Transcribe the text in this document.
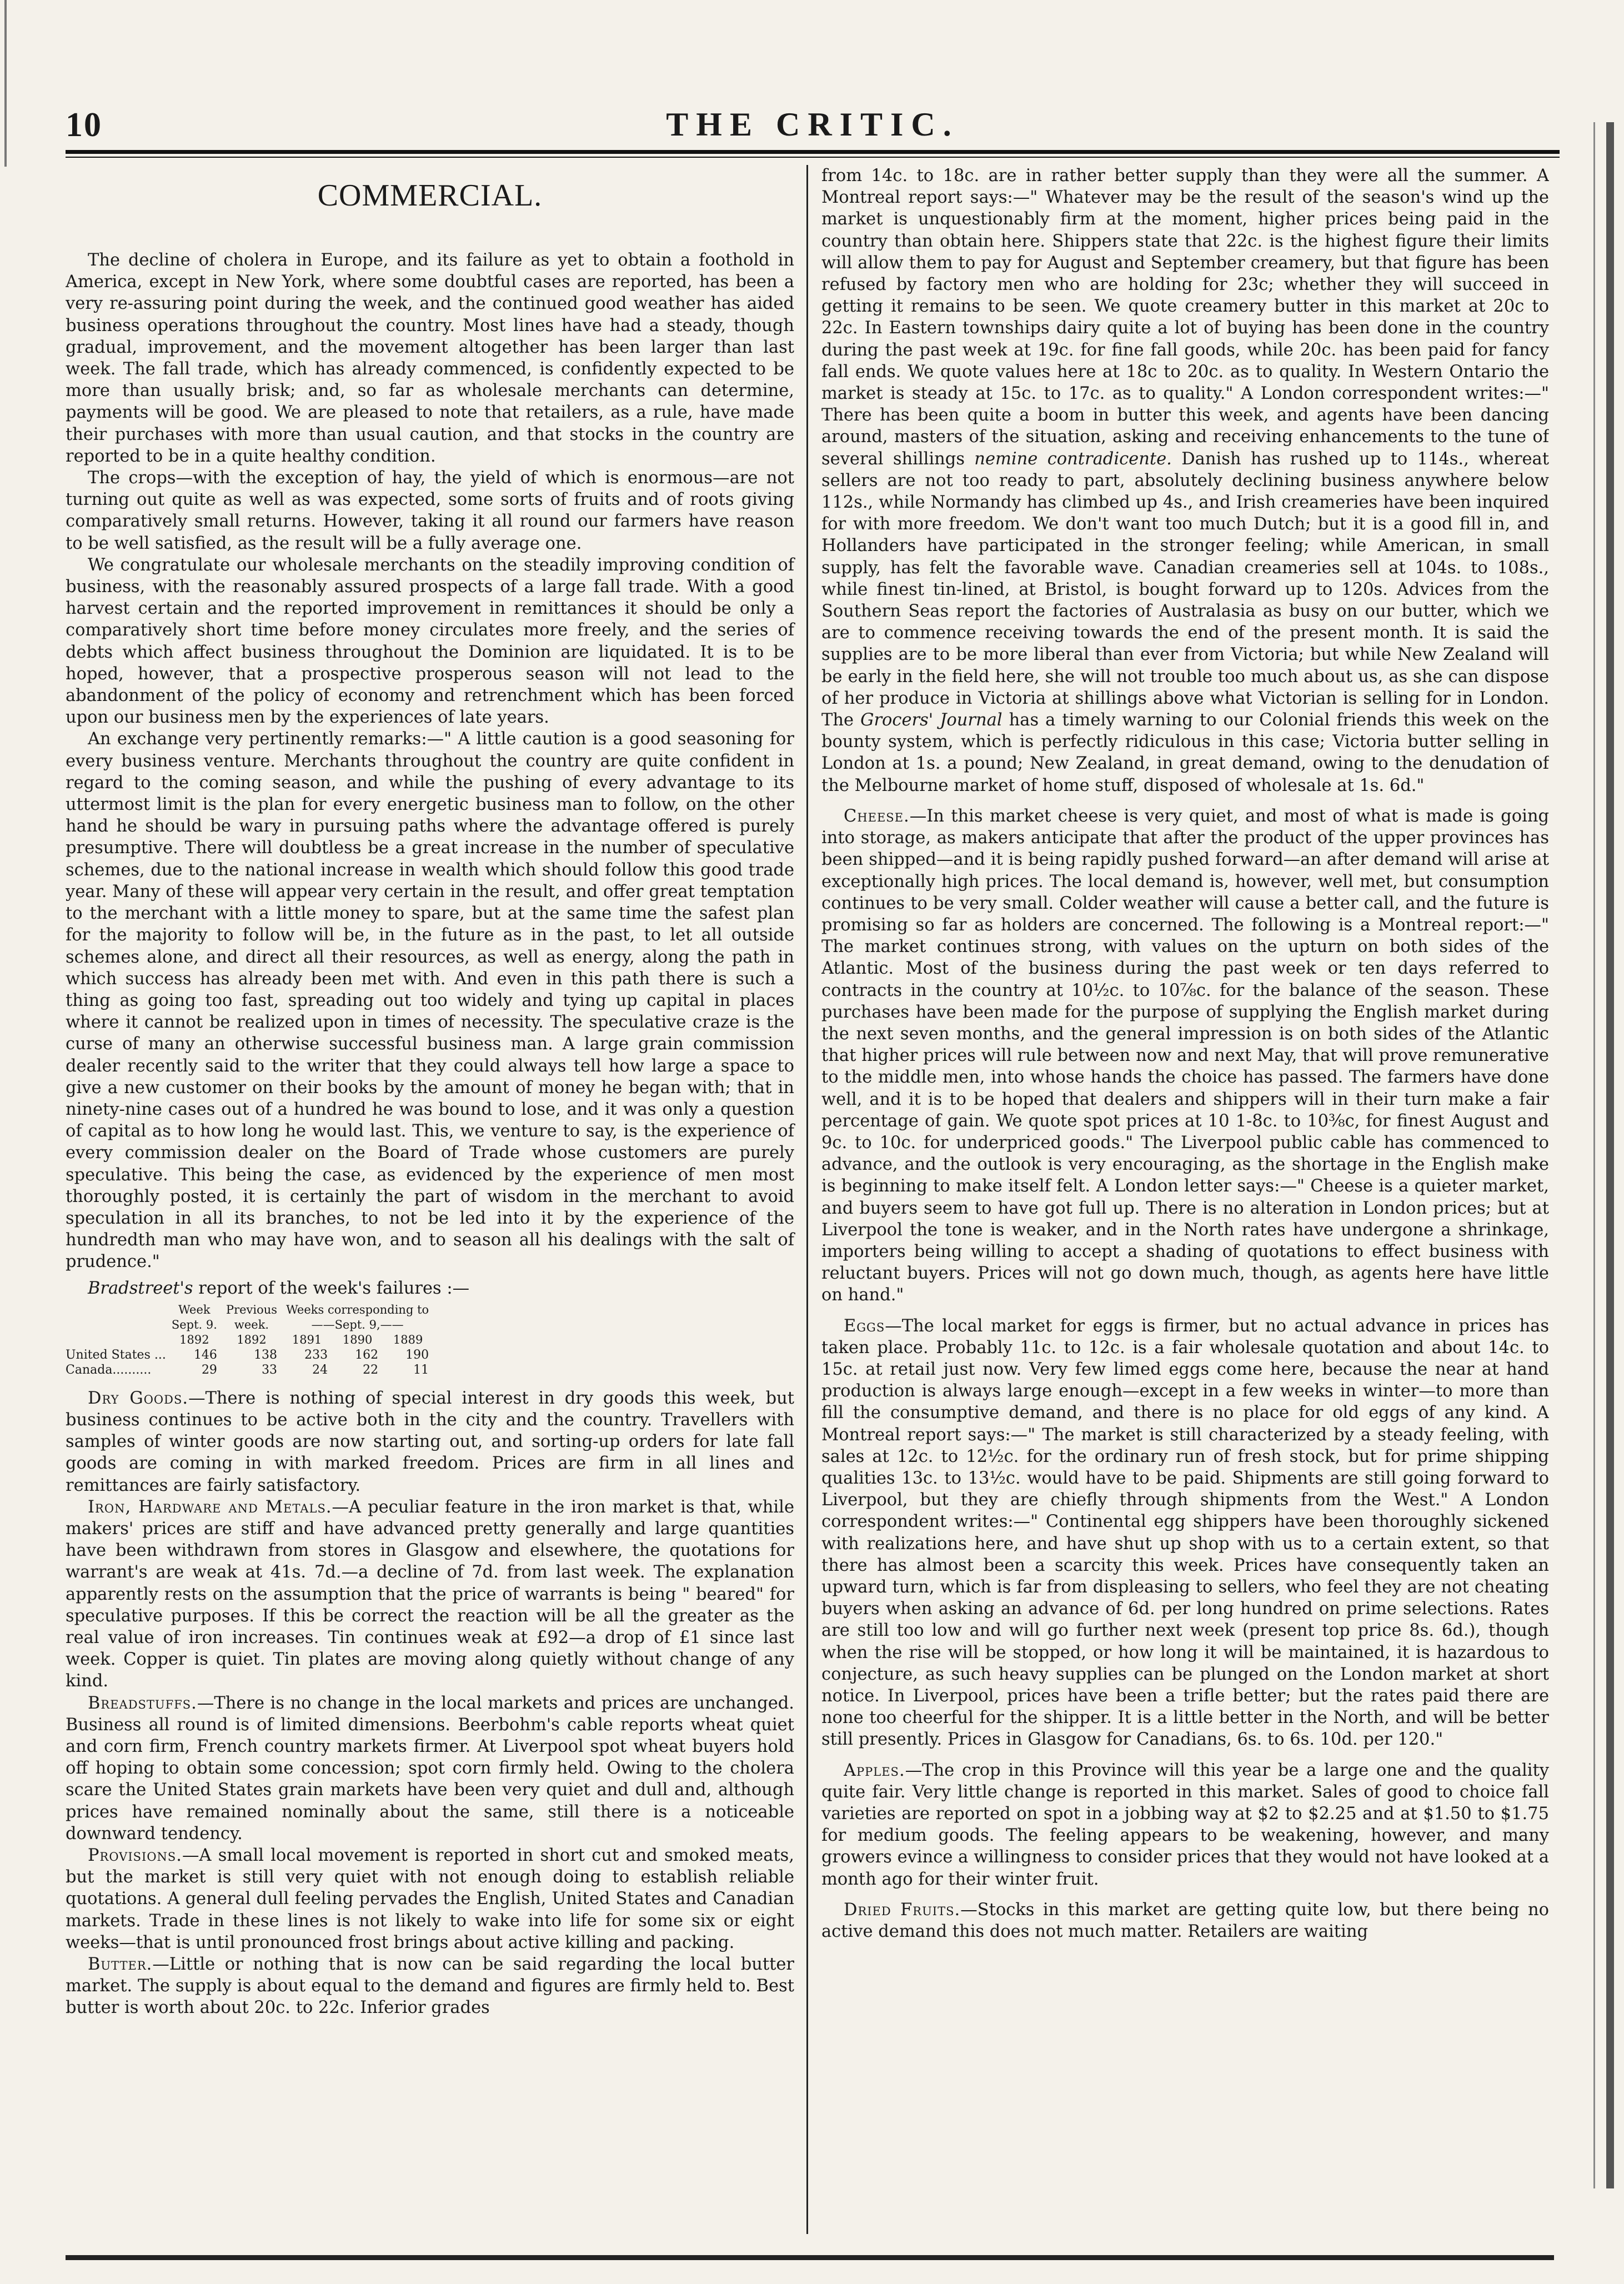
10	THE CRITIC.
COMMERCIAL.

The decline of cholera in Europe, and its failure as yet to obtain a foothold in America, except in New York, where some doubtful cases are reported, has been a very re-assuring point during the week, and the continued good weather has aided business operations throughout the country. Most lines have had a steady, though gradual, improvement, and the movement altogether has been larger than last week. The fall trade, which has already commenced, is confidently expected to be more than usually brisk; and, so far as wholesale merchants can determine, payments will be good. We are pleased to note that retailers, as a rule, have made their purchases with more than usual caution, and that stocks in the country are reported to be in a quite healthy condition.

The crops—with the exception of hay, the yield of which is enormous—are not turning out quite as well as was expected, some sorts of fruits and of roots giving comparatively small returns. However, taking it all round our farmers have reason to be well satisfied, as the result will be a fully average one.

We congratulate our wholesale merchants on the steadily improving condition of business, with the reasonably assured prospects of a large fall trade. With a good harvest certain and the reported improvement in remittances it should be only a comparatively short time before money circulates more freely, and the series of debts which affect business throughout the Dominion are liquidated. It is to be hoped, however, that a prospective prosperous season will not lead to the abandonment of the policy of economy and retrenchment which has been forced upon our business men by the experiences of late years.

An exchange very pertinently remarks:—" A little caution is a good seasoning for every business venture. Merchants throughout the country are quite confident in regard to the coming season, and while the pushing of every advantage to its uttermost limit is the plan for every energetic business man to follow, on the other hand he should be wary in pursuing paths where the advantage offered is purely presumptive. There will doubtless be a great increase in the number of speculative schemes, due to the national increase in wealth which should follow this good trade year. Many of these will appear very certain in the result, and offer great temptation to the merchant with a little money to spare, but at the same time the safest plan for the majority to follow will be, in the future as in the past, to let all outside schemes alone, and direct all their resources, as well as energy, along the path in which success has already been met with. And even in this path there is such a thing as going too fast, spreading out too widely and tying up capital in places where it cannot be realized upon in times of necessity. The speculative craze is the curse of many an otherwise successful business man. A large grain commission dealer recently said to the writer that they could always tell how large a space to give a new customer on their books by the amount of money he began with; that in ninety-nine cases out of a hundred he was bound to lose, and it was only a question of capital as to how long he would last. This, we venture to say, is the experience of every commission dealer on the Board of Trade whose customers are purely speculative. This being the case, as evidenced by the experience of men most thoroughly posted, it is certainly the part of wisdom in the merchant to avoid speculation in all its branches, to not be led into it by the experience of the hundredth man who may have won, and to season all his dealings with the salt of prudence."

Bradstreet's report of the week's failures :—

	Week	Previous	Weeks corresponding to		
	Sept. 9.	week.	——Sept. 9,——		
	1892	1892	1891	1890	1889
United States ...	146	138	233	162	190
Canada..........	29	33	24	22	11

Dry Goods.—There is nothing of special interest in dry goods this week, but business continues to be active both in the city and the country. Travellers with samples of winter goods are now starting out, and sorting-up orders for late fall goods are coming in with marked freedom. Prices are firm in all lines and remittances are fairly satisfactory.

Iron, Hardware and Metals.—A peculiar feature in the iron market is that, while makers' prices are stiff and have advanced pretty generally and large quantities have been withdrawn from stores in Glasgow and elsewhere, the quotations for warrant's are weak at 41s. 7d.—a decline of 7d. from last week. The explanation apparently rests on the assumption that the price of warrants is being " beared" for speculative purposes. If this be correct the reaction will be all the greater as the real value of iron increases. Tin continues weak at £92—a drop of £1 since last week. Copper is quiet. Tin plates are moving along quietly without change of any kind.

Breadstuffs.—There is no change in the local markets and prices are unchanged. Business all round is of limited dimensions. Beerbohm's cable reports wheat quiet and corn firm, French country markets firmer. At Liverpool spot wheat buyers hold off hoping to obtain some concession; spot corn firmly held. Owing to the cholera scare the United States grain markets have been very quiet and dull and, although prices have remained nominally about the same, still there is a noticeable downward tendency.

Provisions.—A small local movement is reported in short cut and smoked meats, but the market is still very quiet with not enough doing to establish reliable quotations. A general dull feeling pervades the English, United States and Canadian markets. Trade in these lines is not likely to wake into life for some six or eight weeks—that is until pronounced frost brings about active killing and packing.

Butter.—Little or nothing that is now can be said regarding the local butter market. The supply is about equal to the demand and figures are firmly held to. Best butter is worth about 20c. to 22c. Inferior grades

from 14c. to 18c. are in rather better supply than they were all the summer. A Montreal report says:—" Whatever may be the result of the season's wind up the market is unquestionably firm at the moment, higher prices being paid in the country than obtain here. Shippers state that 22c. is the highest figure their limits will allow them to pay for August and September creamery, but that figure has been refused by factory men who are holding for 23c; whether they will succeed in getting it remains to be seen. We quote creamery butter in this market at 20c to 22c. In Eastern townships dairy quite a lot of buying has been done in the country during the past week at 19c. for fine fall goods, while 20c. has been paid for fancy fall ends. We quote values here at 18c to 20c. as to quality. In Western Ontario the market is steady at 15c. to 17c. as to quality." A London correspondent writes:—" There has been quite a boom in butter this week, and agents have been dancing around, masters of the situation, asking and receiving enhancements to the tune of several shillings nemine contradicente. Danish has rushed up to 114s., whereat sellers are not too ready to part, absolutely declining business anywhere below 112s., while Normandy has climbed up 4s., and Irish creameries have been inquired for with more freedom. We don't want too much Dutch; but it is a good fill in, and Hollanders have participated in the stronger feeling; while American, in small supply, has felt the favorable wave. Canadian creameries sell at 104s. to 108s., while finest tin-lined, at Bristol, is bought forward up to 120s. Advices from the Southern Seas report the factories of Australasia as busy on our butter, which we are to commence receiving towards the end of the present month. It is said the supplies are to be more liberal than ever from Victoria; but while New Zealand will be early in the field here, she will not trouble too much about us, as she can dispose of her produce in Victoria at shillings above what Victorian is selling for in London. The Grocers' Journal has a timely warning to our Colonial friends this week on the bounty system, which is perfectly ridiculous in this case; Victoria butter selling in London at 1s. a pound; New Zealand, in great demand, owing to the denudation of the Melbourne market of home stuff, disposed of wholesale at 1s. 6d."

Cheese.—In this market cheese is very quiet, and most of what is made is going into storage, as makers anticipate that after the product of the upper provinces has been shipped—and it is being rapidly pushed forward—an after demand will arise at exceptionally high prices. The local demand is, however, well met, but consumption continues to be very small. Colder weather will cause a better call, and the future is promising so far as holders are concerned. The following is a Montreal report:—" The market continues strong, with values on the upturn on both sides of the Atlantic. Most of the business during the past week or ten days referred to contracts in the country at 10½c. to 10⅞c. for the balance of the season. These purchases have been made for the purpose of supplying the English market during the next seven months, and the general impression is on both sides of the Atlantic that higher prices will rule between now and next May, that will prove remunerative to the middle men, into whose hands the choice has passed. The farmers have done well, and it is to be hoped that dealers and shippers will in their turn make a fair percentage of gain. We quote spot prices at 10 1-8c. to 10⅜c, for finest August and 9c. to 10c. for underpriced goods." The Liverpool public cable has commenced to advance, and the outlook is very encouraging, as the shortage in the English make is beginning to make itself felt. A London letter says:—" Cheese is a quieter market, and buyers seem to have got full up. There is no alteration in London prices; but at Liverpool the tone is weaker, and in the North rates have undergone a shrinkage, importers being willing to accept a shading of quotations to effect business with reluctant buyers. Prices will not go down much, though, as agents here have little on hand."

Eggs—The local market for eggs is firmer, but no actual advance in prices has taken place. Probably 11c. to 12c. is a fair wholesale quotation and about 14c. to 15c. at retail just now. Very few limed eggs come here, because the near at hand production is always large enough—except in a few weeks in winter—to more than fill the consumptive demand, and there is no place for old eggs of any kind. A Montreal report says:—" The market is still characterized by a steady feeling, with sales at 12c. to 12½c. for the ordinary run of fresh stock, but for prime shipping qualities 13c. to 13½c. would have to be paid. Shipments are still going forward to Liverpool, but they are chiefly through shipments from the West." A London correspondent writes:—" Continental egg shippers have been thoroughly sickened with realizations here, and have shut up shop with us to a certain extent, so that there has almost been a scarcity this week. Prices have consequently taken an upward turn, which is far from displeasing to sellers, who feel they are not cheating buyers when asking an advance of 6d. per long hundred on prime selections. Rates are still too low and will go further next week (present top price 8s. 6d.), though when the rise will be stopped, or how long it will be maintained, it is hazardous to conjecture, as such heavy supplies can be plunged on the London market at short notice. In Liverpool, prices have been a trifle better; but the rates paid there are none too cheerful for the shipper. It is a little better in the North, and will be better still presently. Prices in Glasgow for Canadians, 6s. to 6s. 10d. per 120."

Apples.—The crop in this Province will this year be a large one and the quality quite fair. Very little change is reported in this market. Sales of good to choice fall varieties are reported on spot in a jobbing way at $2 to $2.25 and at $1.50 to $1.75 for medium goods. The feeling appears to be weakening, however, and many growers evince a willingness to consider prices that they would not have looked at a month ago for their winter fruit.

Dried Fruits.—Stocks in this market are getting quite low, but there being no active demand this does not much matter. Retailers are waiting
